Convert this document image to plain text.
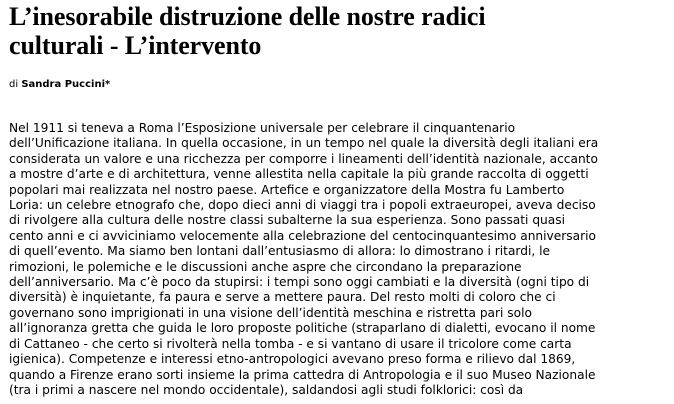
L’inesorabile distruzione delle nostre radici
culturali - L’intervento
di Sandra Puccini*
Nel 1911 si teneva a Roma l’Esposizione universale per celebrare il cinquantenario
dell’Unificazione italiana. In quella occasione, in un tempo nel quale la diversità degli italiani era
considerata un valore e una ricchezza per comporre i lineamenti dell’identità nazionale, accanto
a mostre d’arte e di architettura, venne allestita nella capitale la più grande raccolta di oggetti
popolari mai realizzata nel nostro paese. Artefice e organizzatore della Mostra fu Lamberto
Loria: un celebre etnografo che, dopo dieci anni di viaggi tra i popoli extraeuropei, aveva deciso
di rivolgere alla cultura delle nostre classi subalterne la sua esperienza. Sono passati quasi
cento anni e ci avviciniamo velocemente alla celebrazione del centocinquantesimo anniversario
di quell’evento. Ma siamo ben lontani dall’entusiasmo di allora: lo dimostrano i ritardi, le
rimozioni, le polemiche e le discussioni anche aspre che circondano la preparazione
dell’anniversario. Ma c’è poco da stupirsi: i tempi sono oggi cambiati e la diversità (ogni tipo di
diversità) è inquietante, fa paura e serve a mettere paura. Del resto molti di coloro che ci
governano sono imprigionati in una visione dell’identità meschina e ristretta pari solo
all’ignoranza gretta che guida le loro proposte politiche (straparlano di dialetti, evocano il nome
di Cattaneo - che certo si rivolterà nella tomba - e si vantano di usare il tricolore come carta
igienica). Competenze e interessi etno-antropologici avevano preso forma e rilievo dal 1869,
quando a Firenze erano sorti insieme la prima cattedra di Antropologia e il suo Museo Nazionale
(tra i primi a nascere nel mondo occidentale), saldandosi agli studi folklorici: così da
